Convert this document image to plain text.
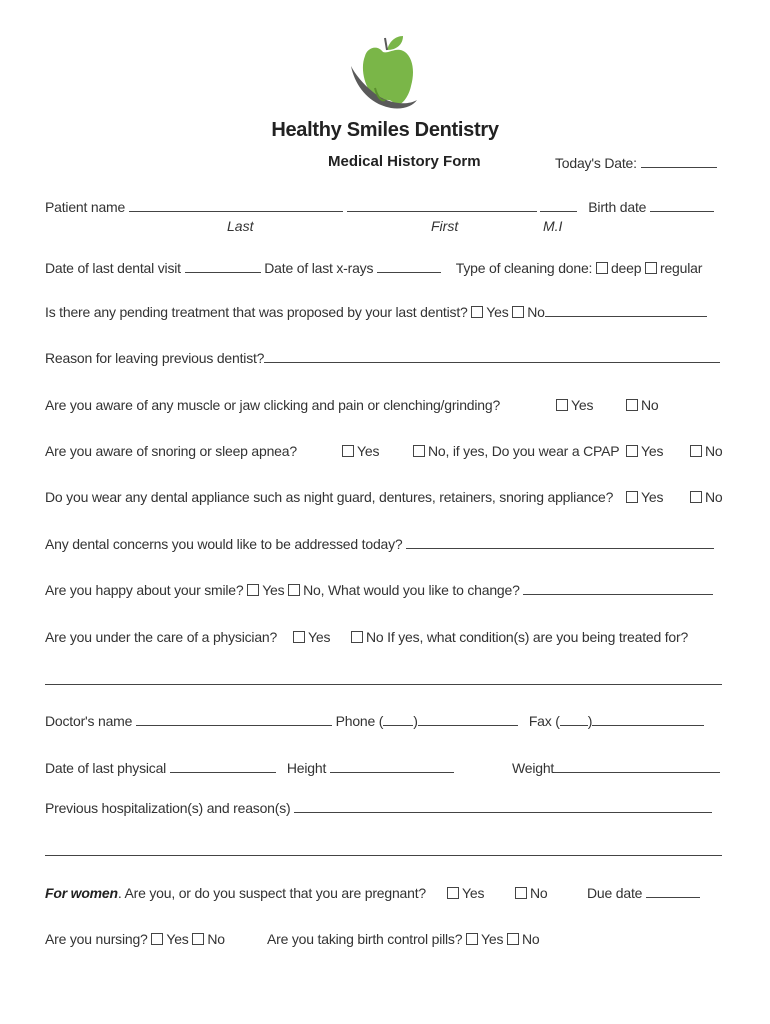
Healthy Smiles Dentistry
Medical History Form	Today's Date:
Patient name	Birth date
Last	First	M.I
Date of last dental visit	Date of last x-rays	Type of cleaning done: deep regular
Is there any pending treatment that was proposed by your last dentist? Yes No
Reason for leaving previous dentist?
Are you aware of any muscle or jaw clicking and pain or clenching/grinding?	Yes	No
Are you aware of snoring or sleep apnea?	Yes	No, if yes, Do you wear a CPAP	Yes	No
Do you wear any dental appliance such as night guard, dentures, retainers, snoring appliance?	Yes	No
Any dental concerns you would like to be addressed today?
Are you happy about your smile? Yes No, What would you like to change?
Are you under the care of a physician?	Yes	No If yes, what condition(s) are you being treated for?
Doctor's name	Phone ( )	Fax ( )
Date of last physical	Height	Weight
Previous hospitalization(s) and reason(s)
For women. Are you, or do you suspect that you are pregnant?	Yes	No	Due date
Are you nursing? Yes No	Are you taking birth control pills? Yes No
